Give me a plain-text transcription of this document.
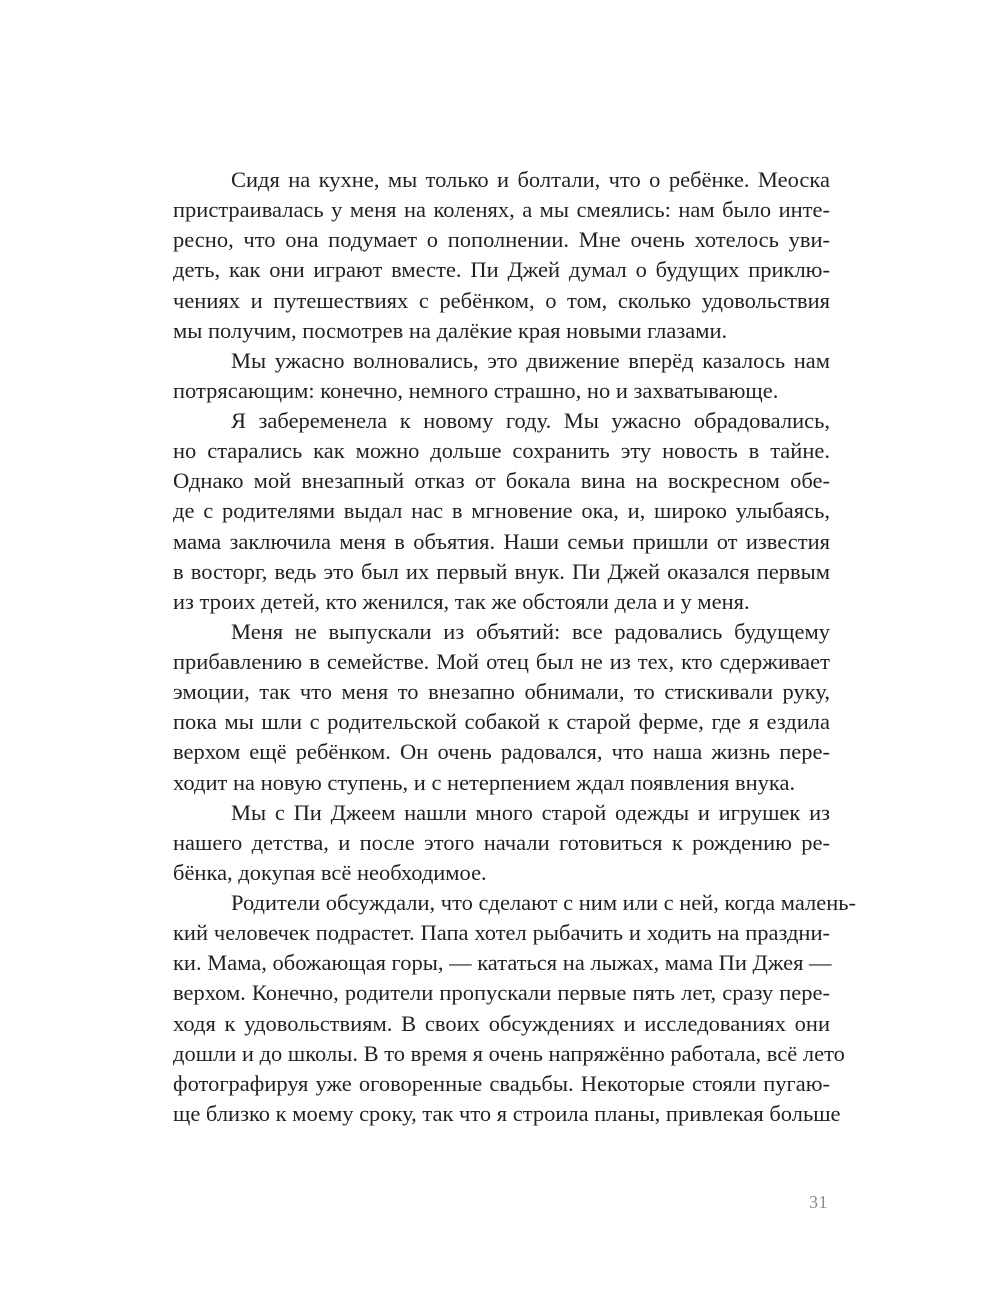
Сидя на кухне, мы только и болтали, что о ребёнке. Меоска
пристраивалась у меня на коленях, а мы смеялись: нам было инте-
ресно, что она подумает о пополнении. Мне очень хотелось уви-
деть, как они играют вместе. Пи Джей думал о будущих приклю-
чениях и путешествиях с ребёнком, о том, сколько удовольствия
мы получим, посмотрев на далёкие края новыми глазами.
Мы ужасно волновались, это движение вперёд казалось нам
потрясающим: конечно, немного страшно, но и захватывающе.
Я забеременела к новому году. Мы ужасно обрадовались,
но старались как можно дольше сохранить эту новость в тайне.
Однако мой внезапный отказ от бокала вина на воскресном обе-
де с родителями выдал нас в мгновение ока, и, широко улыбаясь,
мама заключила меня в объятия. Наши семьи пришли от известия
в восторг, ведь это был их первый внук. Пи Джей оказался первым
из троих детей, кто женился, так же обстояли дела и у меня.
Меня не выпускали из объятий: все радовались будущему
прибавлению в семействе. Мой отец был не из тех, кто сдерживает
эмоции, так что меня то внезапно обнимали, то стискивали руку,
пока мы шли с родительской собакой к старой ферме, где я ездила
верхом ещё ребёнком. Он очень радовался, что наша жизнь пере-
ходит на новую ступень, и с нетерпением ждал появления внука.
Мы с Пи Джеем нашли много старой одежды и игрушек из
нашего детства, и после этого начали готовиться к рождению ре-
бёнка, докупая всё необходимое.
Родители обсуждали, что сделают с ним или с ней, когда малень-
кий человечек подрастет. Папа хотел рыбачить и ходить на праздни-
ки. Мама, обожающая горы, — кататься на лыжах, мама Пи Джея —
верхом. Конечно, родители пропускали первые пять лет, сразу пере-
ходя к удовольствиям. В своих обсуждениях и исследованиях они
дошли и до школы. В то время я очень напряжённо работала, всё лето
фотографируя уже оговоренные свадьбы. Некоторые стояли пугаю-
ще близко к моему сроку, так что я строила планы, привлекая больше
31
